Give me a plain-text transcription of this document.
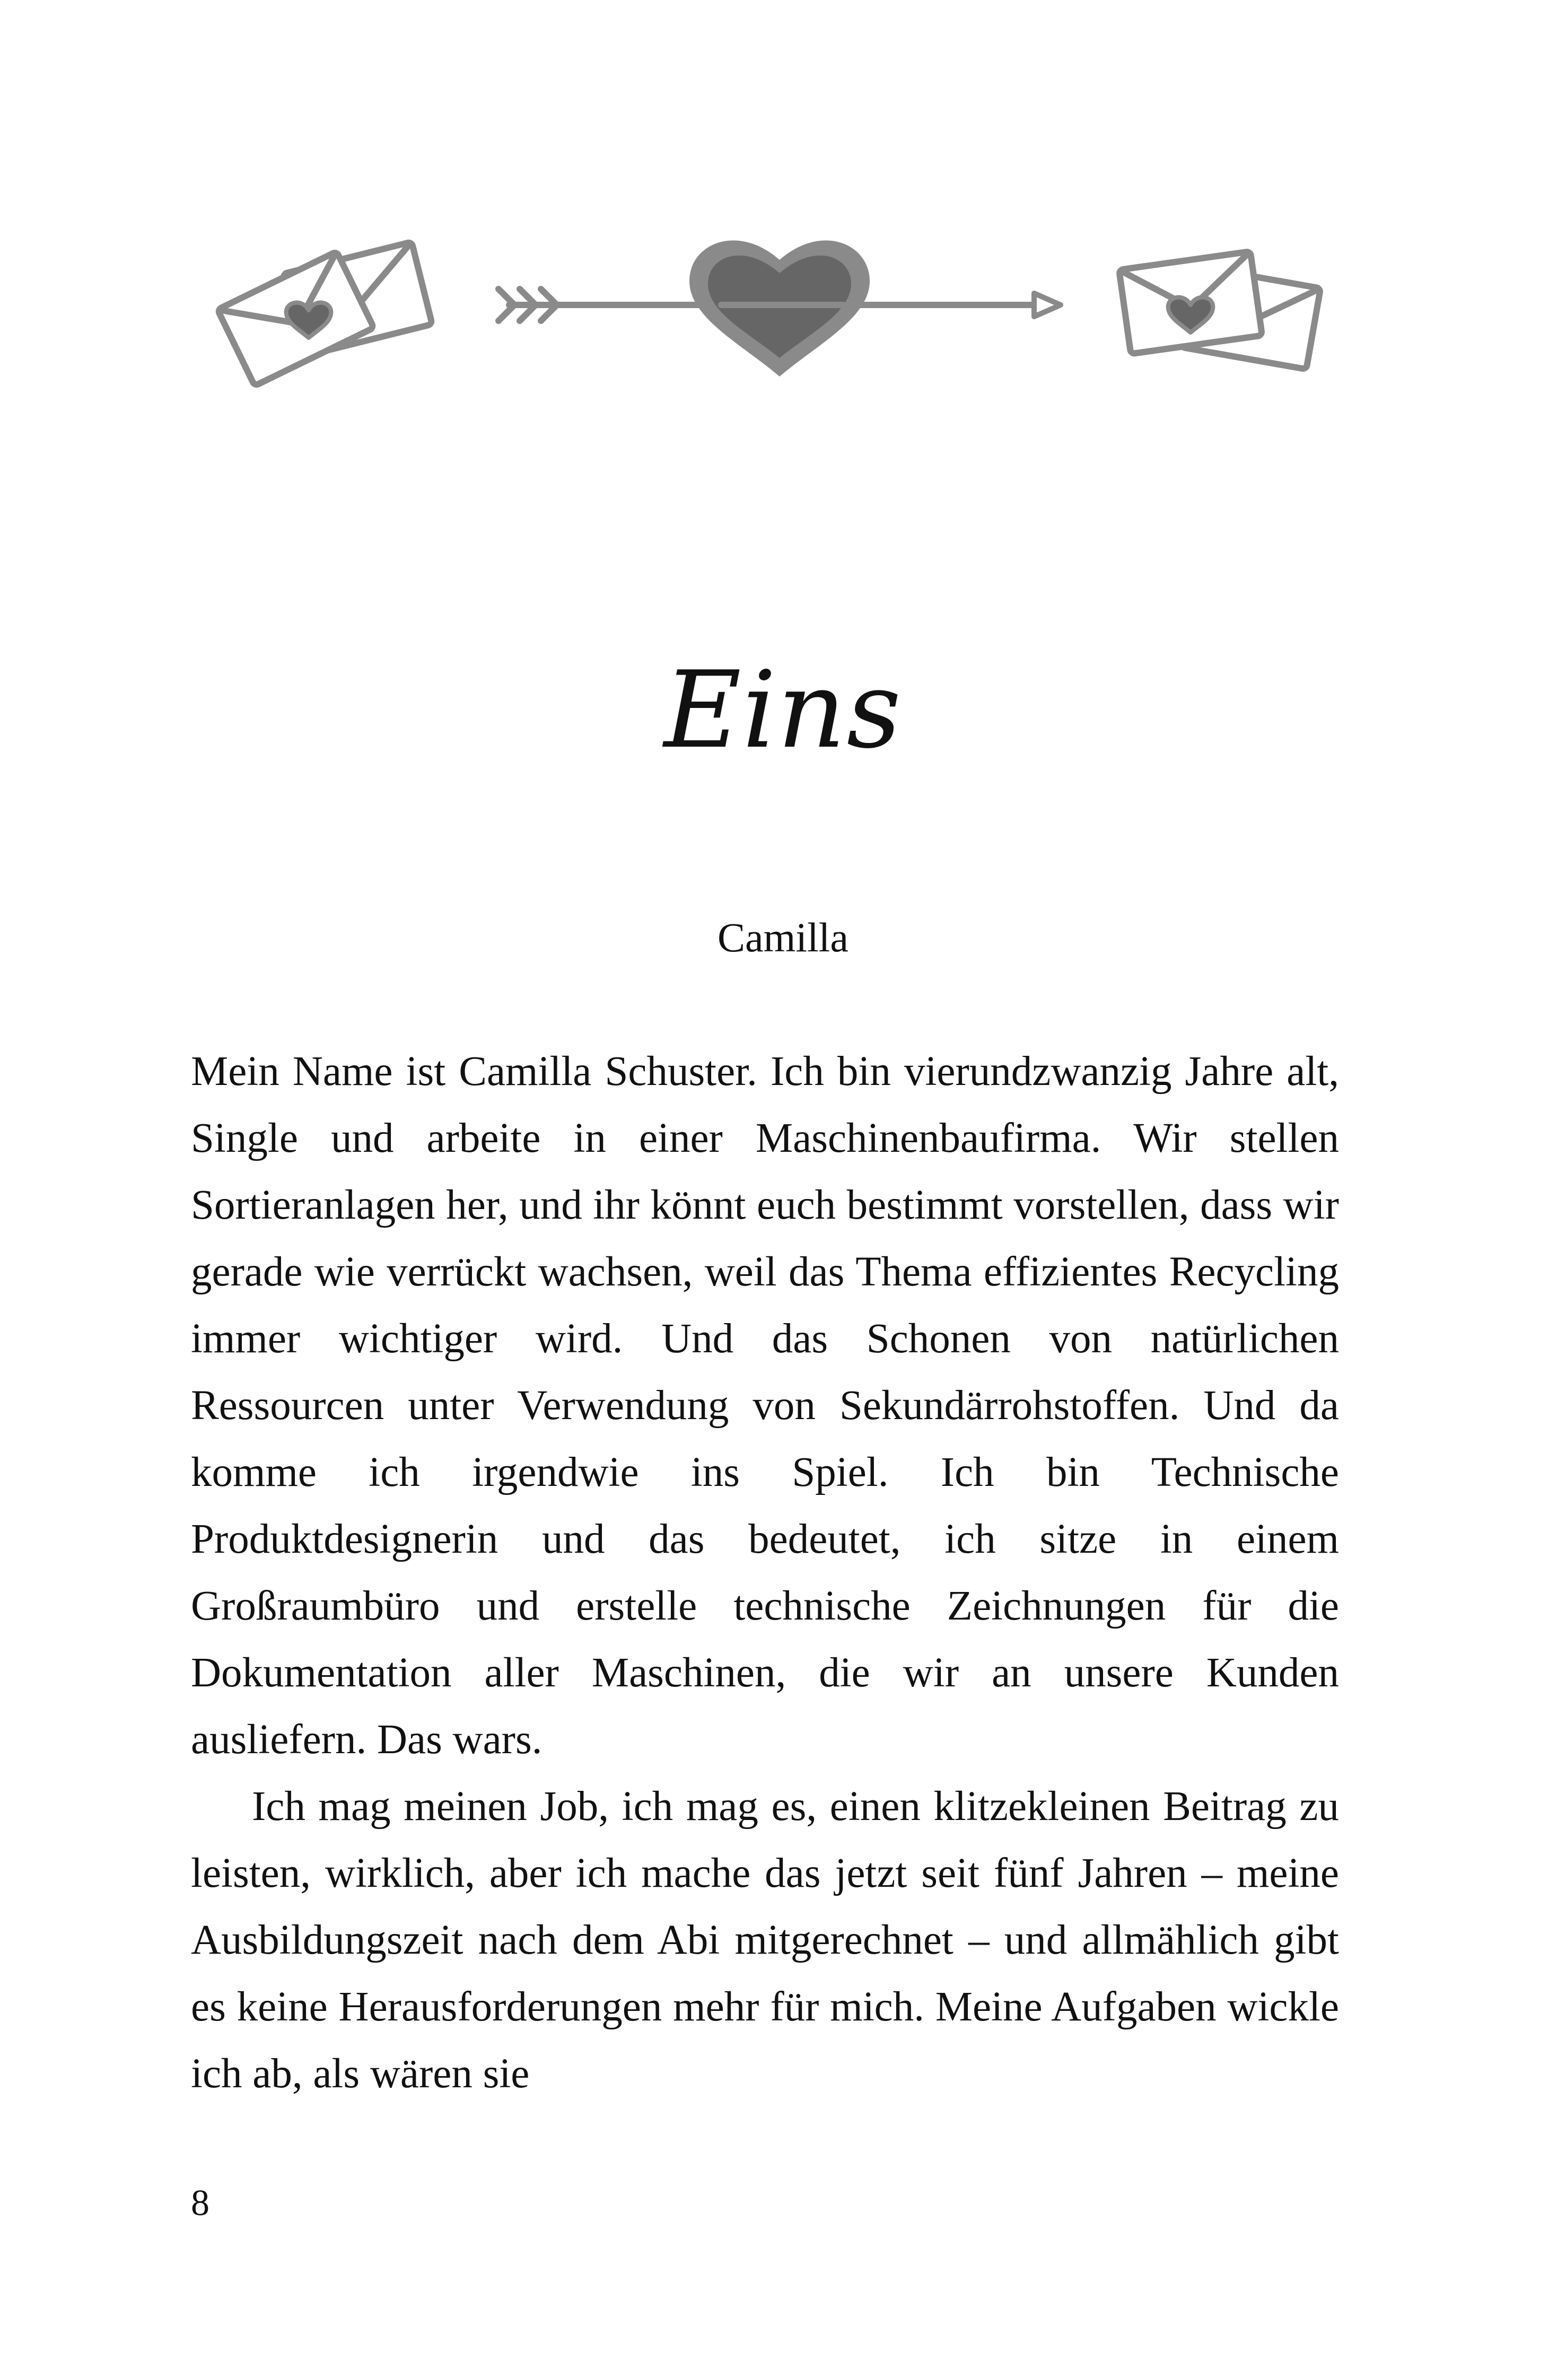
Eins
Camilla

Mein Name ist Camilla Schuster. Ich bin vierundzwanzig Jahre alt, Single und arbeite in einer Maschinenbaufirma. Wir stellen Sortieranlagen her, und ihr könnt euch bestimmt vorstellen, dass wir gerade wie verrückt wachsen, weil das Thema effizientes Recycling immer wichtiger wird. Und das Schonen von natürlichen Ressourcen unter Verwendung von Sekundärrohstoffen. Und da komme ich irgendwie ins Spiel. Ich bin Technische Produktdesignerin und das bedeutet, ich sitze in einem Großraumbüro und erstelle technische Zeichnungen für die Dokumentation aller Maschinen, die wir an unsere Kunden ausliefern. Das wars.

Ich mag meinen Job, ich mag es, einen klitzekleinen Beitrag zu leisten, wirklich, aber ich mache das jetzt seit fünf Jahren – meine Ausbildungszeit nach dem Abi mitgerechnet – und allmählich gibt es keine Herausforderungen mehr für mich. Meine Aufgaben wickle ich ab, als wären sie

8
